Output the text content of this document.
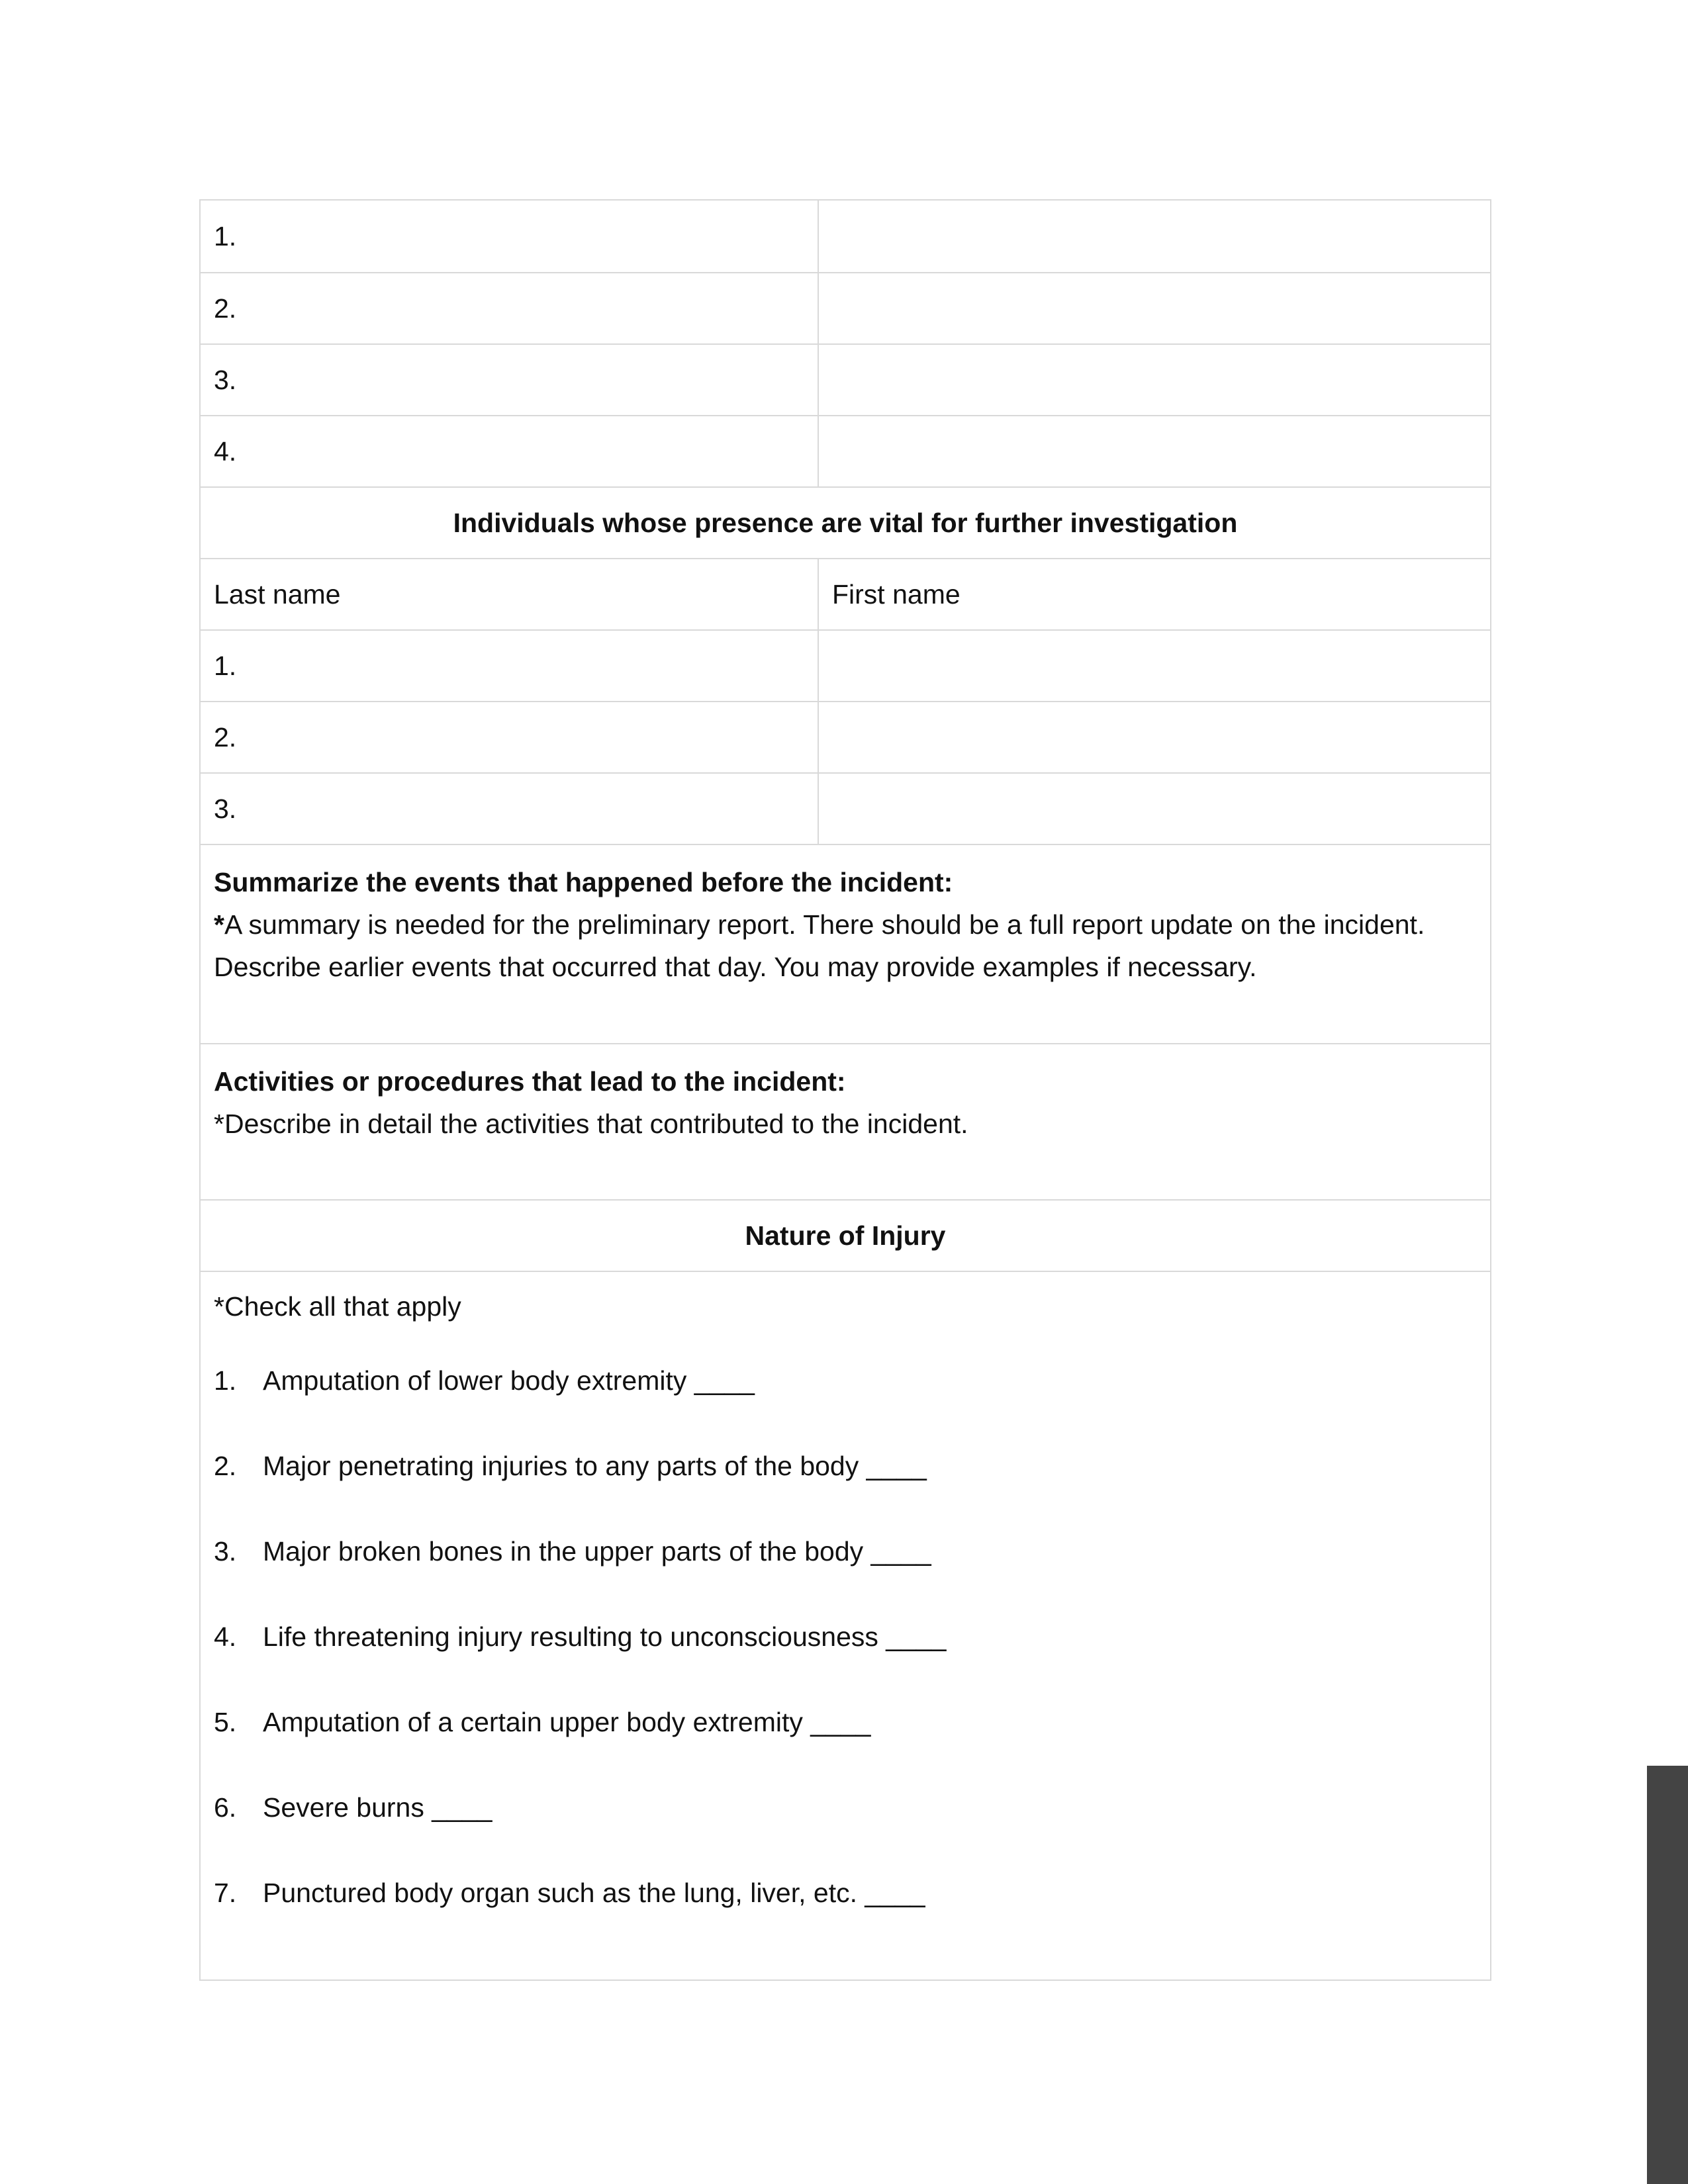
1.
2.
3.
4.
Individuals whose presence are vital for further investigation
Last name	First name
1.
2.
3.
Summarize the events that happened before the incident:
*A summary is needed for the preliminary report. There should be a full report update on the incident. Describe earlier events that occurred that day. You may provide examples if necessary.
Activities or procedures that lead to the incident:
*Describe in detail the activities that contributed to the incident.
Nature of Injury
*Check all that apply
1. Amputation of lower body extremity ____
2. Major penetrating injuries to any parts of the body ____
3. Major broken bones in the upper parts of the body ____
4. Life threatening injury resulting to unconsciousness ____
5. Amputation of a certain upper body extremity ____
6. Severe burns ____
7. Punctured body organ such as the lung, liver, etc. ____
